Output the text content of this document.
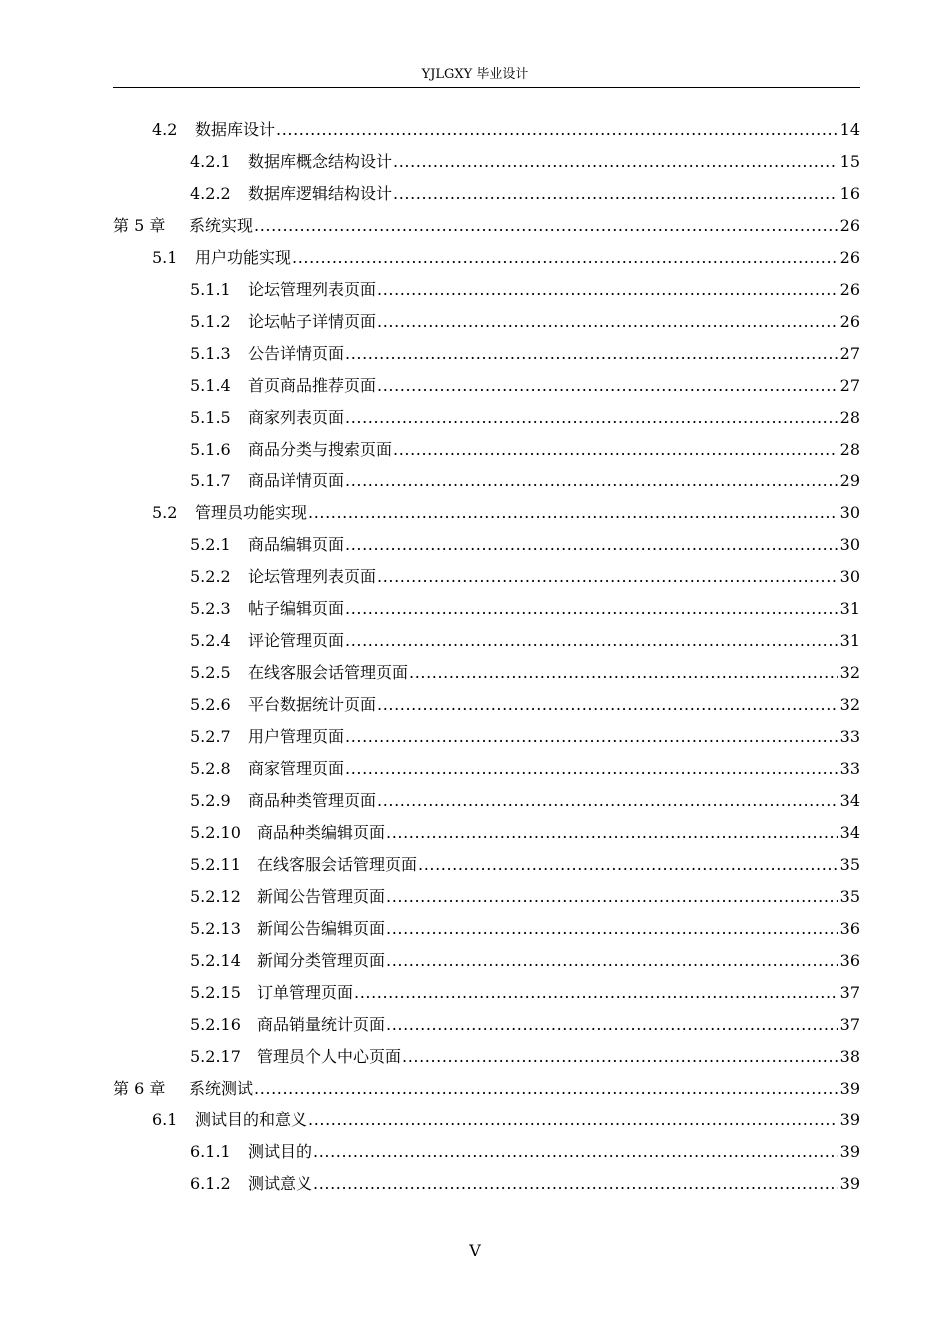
YJLGXY 毕业设计
4.2	数据库设计 .....	14
4.2.1	数据库概念结构设计 .....	15
4.2.2	数据库逻辑结构设计 .....	16
第 5 章	系统实现 .....	26
5.1	用户功能实现 .....	26
5.1.1	论坛管理列表页面 .....	26
5.1.2	论坛帖子详情页面 .....	26
5.1.3	公告详情页面 .....	27
5.1.4	首页商品推荐页面 .....	27
5.1.5	商家列表页面 .....	28
5.1.6	商品分类与搜索页面 .....	28
5.1.7	商品详情页面 .....	29
5.2	管理员功能实现 .....	30
5.2.1	商品编辑页面 .....	30
5.2.2	论坛管理列表页面 .....	30
5.2.3	帖子编辑页面 .....	31
5.2.4	评论管理页面 .....	31
5.2.5	在线客服会话管理页面 .....	32
5.2.6	平台数据统计页面 .....	32
5.2.7	用户管理页面 .....	33
5.2.8	商家管理页面 .....	33
5.2.9	商品种类管理页面 .....	34
5.2.10	商品种类编辑页面 .....	34
5.2.11	在线客服会话管理页面 .....	35
5.2.12	新闻公告管理页面 .....	35
5.2.13	新闻公告编辑页面 .....	36
5.2.14	新闻分类管理页面 .....	36
5.2.15	订单管理页面 .....	37
5.2.16	商品销量统计页面 .....	37
5.2.17	管理员个人中心页面 .....	38
第 6 章	系统测试 .....	39
6.1	测试目的和意义 .....	39
6.1.1	测试目的 .....	39
6.1.2	测试意义 .....	39
V
